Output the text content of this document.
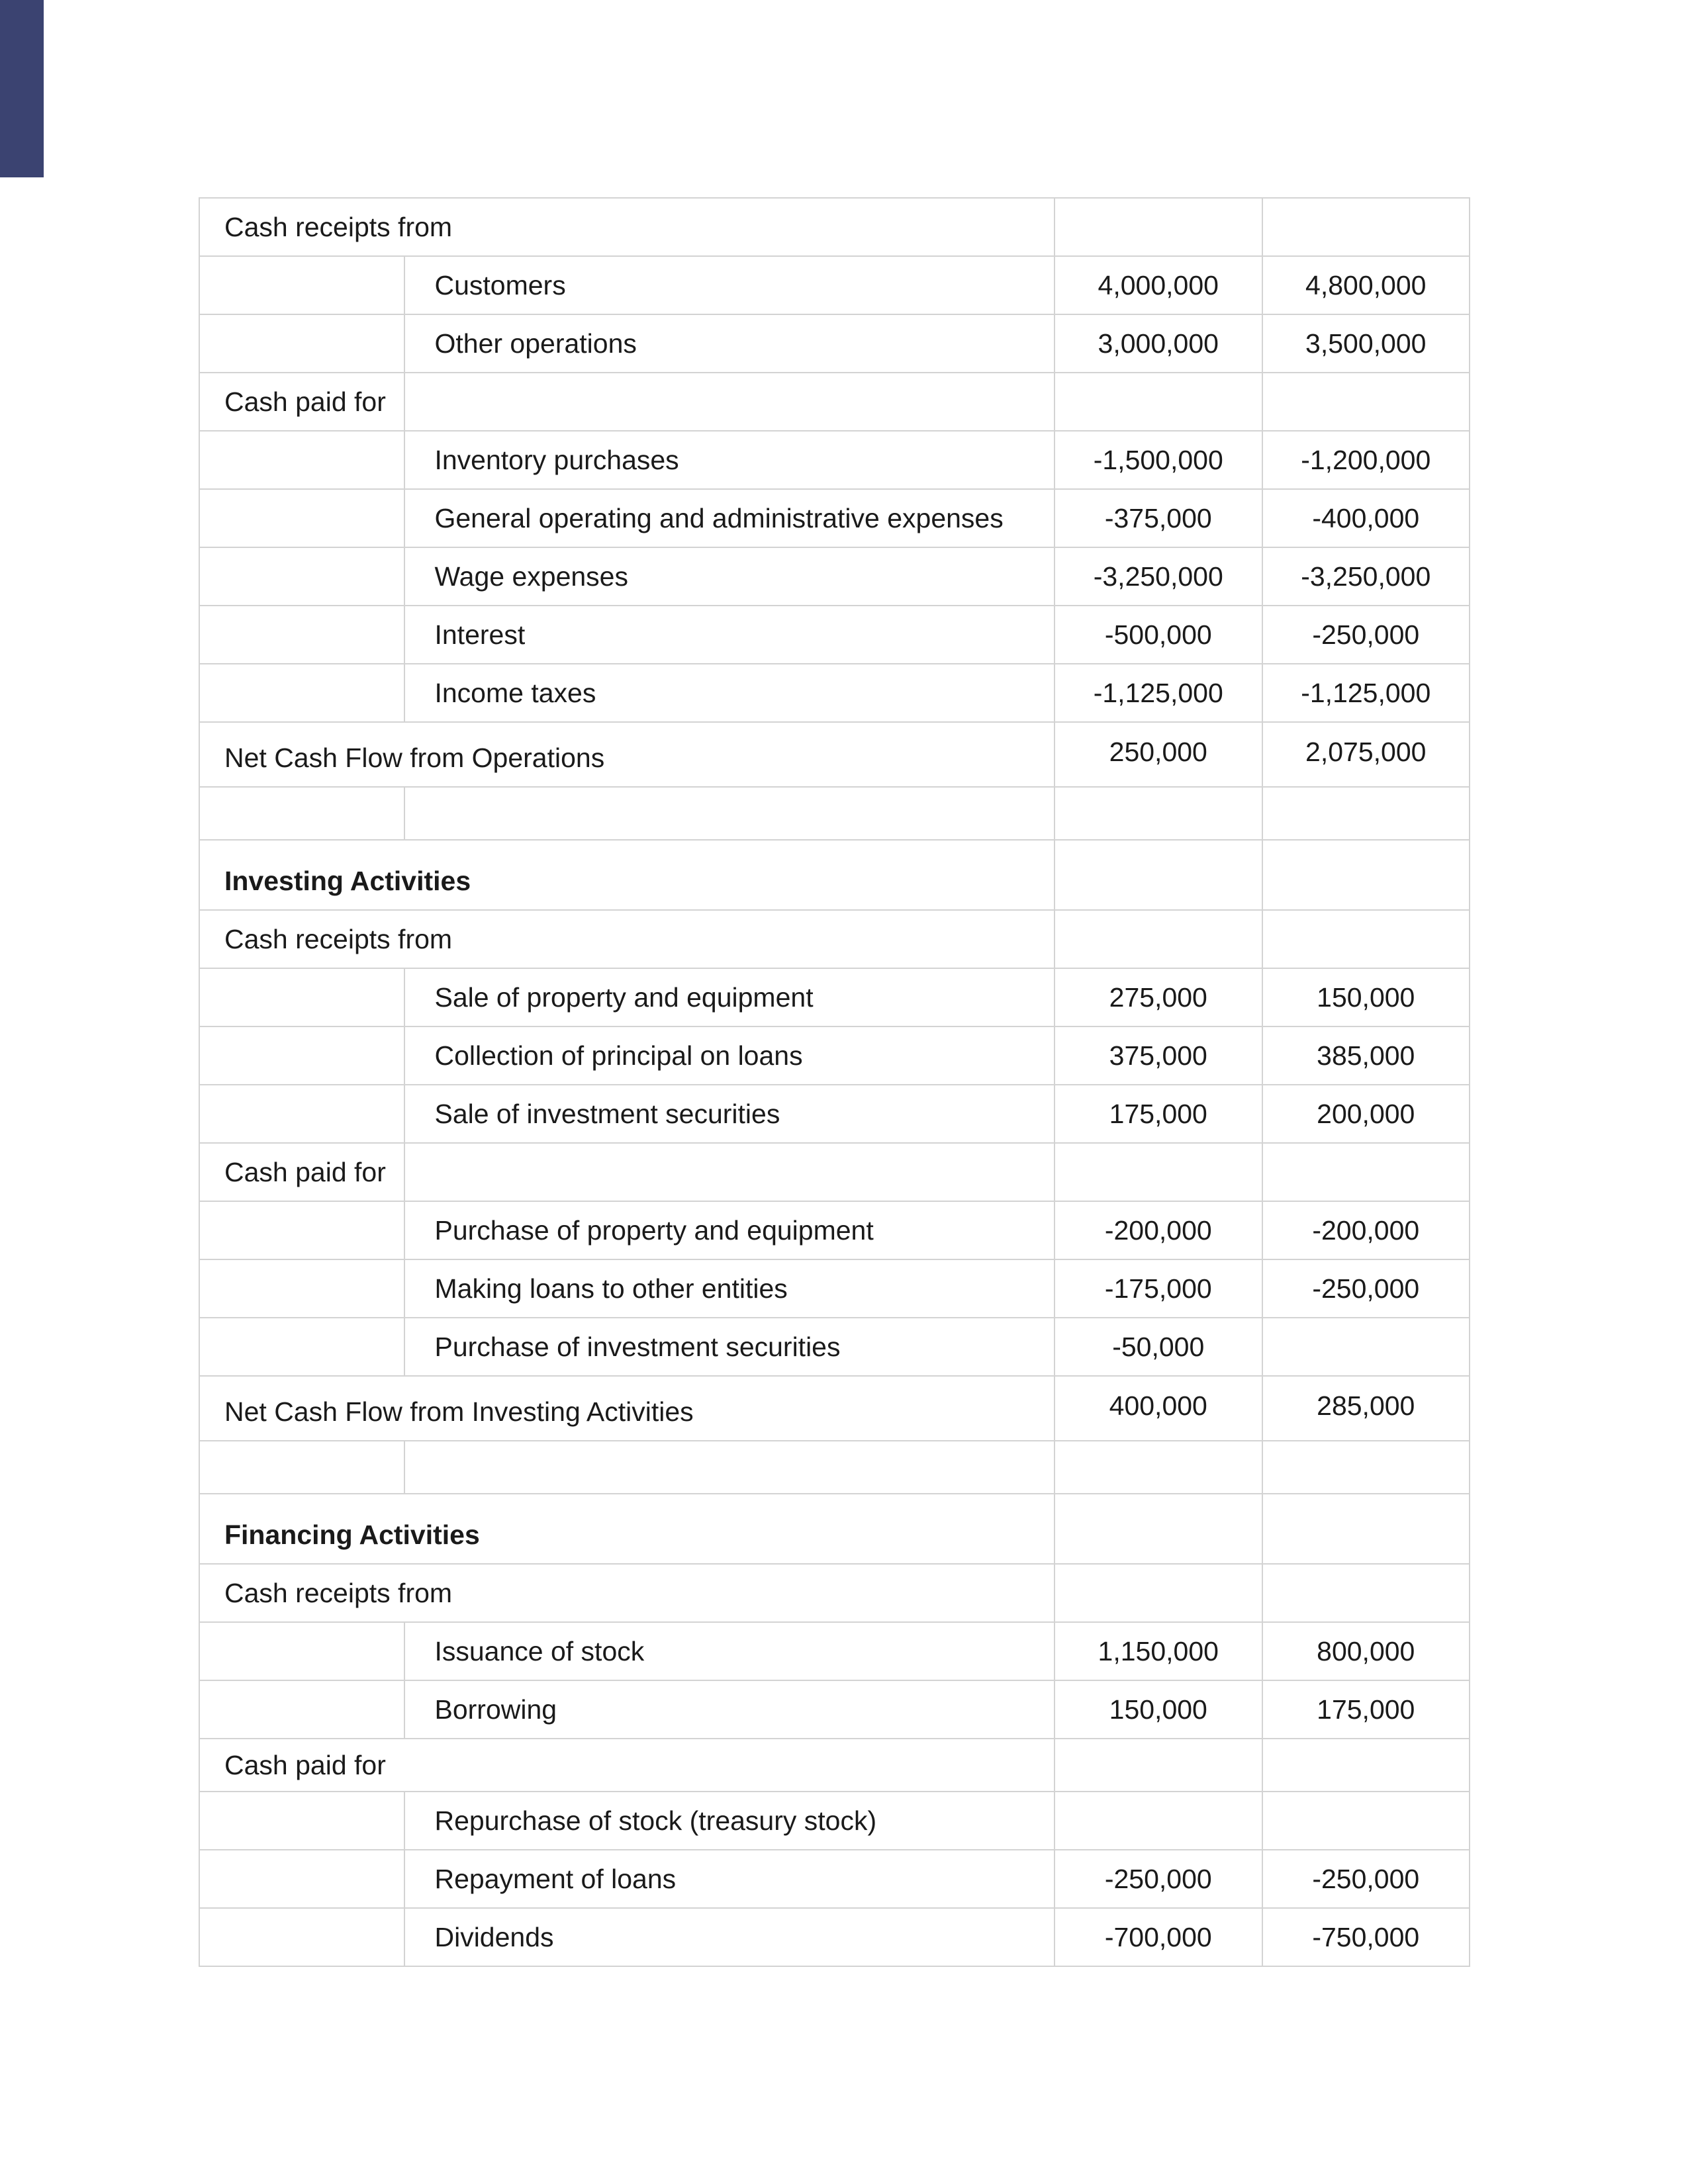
Cash receipts from			
	Customers	4,000,000	4,800,000
	Other operations	3,000,000	3,500,000
Cash paid for			
	Inventory purchases	-1,500,000	-1,200,000
	General operating and administrative expenses	-375,000	-400,000
	Wage expenses	-3,250,000	-3,250,000
	Interest	-500,000	-250,000
	Income taxes	-1,125,000	-1,125,000
Net Cash Flow from Operations		250,000	2,075,000

Investing Activities			
Cash receipts from			
	Sale of property and equipment	275,000	150,000
	Collection of principal on loans	375,000	385,000
	Sale of investment securities	175,000	200,000
Cash paid for			
	Purchase of property and equipment	-200,000	-200,000
	Making loans to other entities	-175,000	-250,000
	Purchase of investment securities	-50,000	
Net Cash Flow from Investing Activities		400,000	285,000

Financing Activities			
Cash receipts from			
	Issuance of stock	1,150,000	800,000
	Borrowing	150,000	175,000
Cash paid for			
	Repurchase of stock (treasury stock)		
	Repayment of loans	-250,000	-250,000
	Dividends	-700,000	-750,000
